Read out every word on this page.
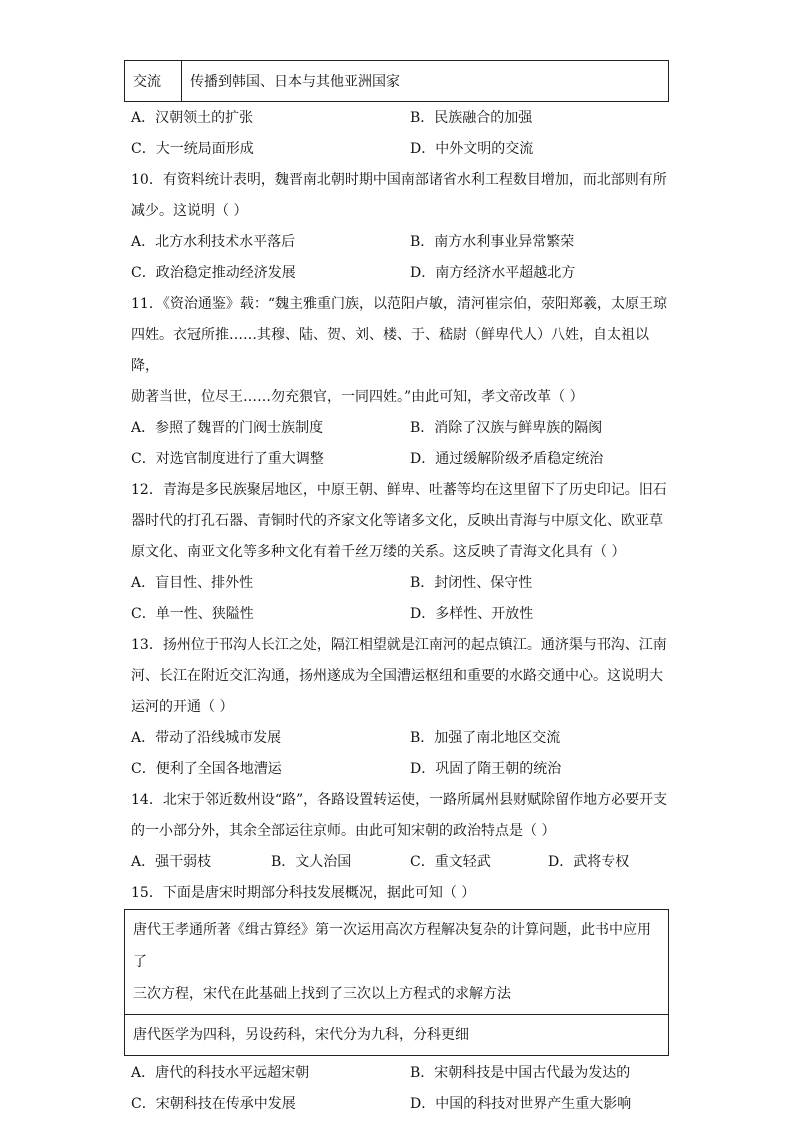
交流	传播到韩国、日本与其他亚洲国家
A．汉朝领土的扩张	B．民族融合的加强
C．大一统局面形成	D．中外文明的交流
10．有资料统计表明，魏晋南北朝时期中国南部诸省水利工程数目增加，而北部则有所
减少。这说明（ ）
A．北方水利技术水平落后	B．南方水利事业异常繁荣
C．政治稳定推动经济发展	D．南方经济水平超越北方
11．《资治通鉴》载：“魏主雅重门族，以范阳卢敏，清河崔宗伯，荥阳郑羲，太原王琼
四姓。衣冠所推……其穆、陆、贺、刘、楼、于、嵇尉（鲜卑代人）八姓，自太祖以降，
勋著当世，位尽王……勿充猥官，一同四姓。”由此可知，孝文帝改革（ ）
A．参照了魏晋的门阀士族制度	B．消除了汉族与鲜卑族的隔阂
C．对选官制度进行了重大调整	D．通过缓解阶级矛盾稳定统治
12．青海是多民族聚居地区，中原王朝、鲜卑、吐蕃等均在这里留下了历史印记。旧石
器时代的打孔石器、青铜时代的齐家文化等诸多文化，反映出青海与中原文化、欧亚草
原文化、南亚文化等多种文化有着千丝万缕的关系。这反映了青海文化具有（ ）
A．盲目性、排外性	B．封闭性、保守性
C．单一性、狭隘性	D．多样性、开放性
13．扬州位于邗沟人长江之处，隔江相望就是江南河的起点镇江。通济渠与邗沟、江南
河、长江在附近交汇沟通，扬州遂成为全国漕运枢纽和重要的水路交通中心。这说明大
运河的开通（ ）
A．带动了沿线城市发展	B．加强了南北地区交流
C．便利了全国各地漕运	D．巩固了隋王朝的统治
14．北宋于邻近数州设“路”，各路设置转运使，一路所属州县财赋除留作地方必要开支
的一小部分外，其余全部运往京师。由此可知宋朝的政治特点是（ ）
A．强干弱枝	B．文人治国	C．重文轻武	D．武将专权
15．下面是唐宋时期部分科技发展概况，据此可知（ ）
唐代王孝通所著《缉古算经》第一次运用高次方程解决复杂的计算问题，此书中应用了
三次方程，宋代在此基础上找到了三次以上方程式的求解方法
唐代医学为四科，另设药科，宋代分为九科，分科更细
A．唐代的科技水平远超宋朝	B．宋朝科技是中国古代最为发达的
C．宋朝科技在传承中发展	D．中国的科技对世界产生重大影响
